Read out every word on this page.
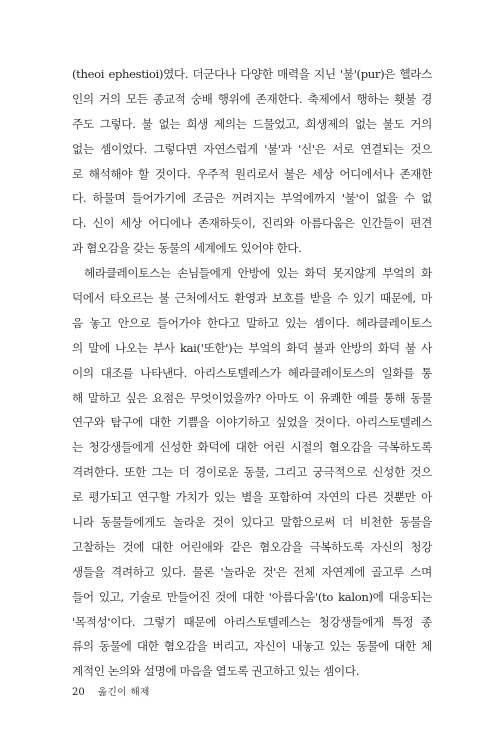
(theoi ephestioi)였다. 더군다나 다양한 매력을 지닌 '불'(pur)은 헬라스
인의 거의 모든 종교적 숭배 행위에 존재한다. 축제에서 행하는 횃불 경
주도 그렇다. 불 없는 희생 제의는 드물었고, 희생제의 없는 불도 거의
없는 셈이었다. 그렇다면 자연스럽게 '불'과 '신'은 서로 연결되는 것으
로 해석해야 할 것이다. 우주적 원리로서 불은 세상 어디에서나 존재한
다. 하물며 들어가기에 조금은 꺼려지는 부엌에까지 '불'이 없을 수 없
다. 신이 세상 어디에나 존재하듯이, 진리와 아름다움은 인간들이 편견
과 혐오감을 갖는 동물의 세계에도 있어야 한다.

헤라클레이토스는 손님들에게 안방에 있는 화덕 못지않게 부엌의 화
덕에서 타오르는 불 근처에서도 환영과 보호를 받을 수 있기 때문에, 마
음 놓고 안으로 들어가야 한다고 말하고 있는 셈이다. 헤라클레이토스
의 말에 나오는 부사 kai('또한')는 부엌의 화덕 불과 안방의 화덕 불 사
이의 대조를 나타낸다. 아리스토텔레스가 헤라클레이토스의 일화를 통
해 말하고 싶은 요점은 무엇이었을까? 아마도 이 유쾌한 예를 통해 동물
연구와 탐구에 대한 기쁨을 이야기하고 싶었을 것이다. 아리스토텔레스
는 청강생들에게 신성한 화덕에 대한 어린 시절의 혐오감을 극복하도록
격려한다. 또한 그는 더 경이로운 동물, 그리고 궁극적으로 신성한 것으
로 평가되고 연구할 가치가 있는 별을 포함하여 자연의 다른 것뿐만 아
니라 동물들에게도 놀라운 것이 있다고 말함으로써 더 비천한 동물을
고찰하는 것에 대한 어린애와 같은 혐오감을 극복하도록 자신의 청강
생들을 격려하고 있다. 물론 '놀라운 것'은 전체 자연계에 골고루 스며
들어 있고, 기술로 만들어진 것에 대한 '아름다움'(to kalon)에 대응되는
'목적성'이다. 그렇기 때문에 아리스토텔레스는 청강생들에게 특정 종
류의 동물에 대한 혐오감을 버리고, 자신이 내놓고 있는 동물에 대한 체
계적인 논의와 설명에 마음을 열도록 권고하고 있는 셈이다.

20 옮긴이 해제
